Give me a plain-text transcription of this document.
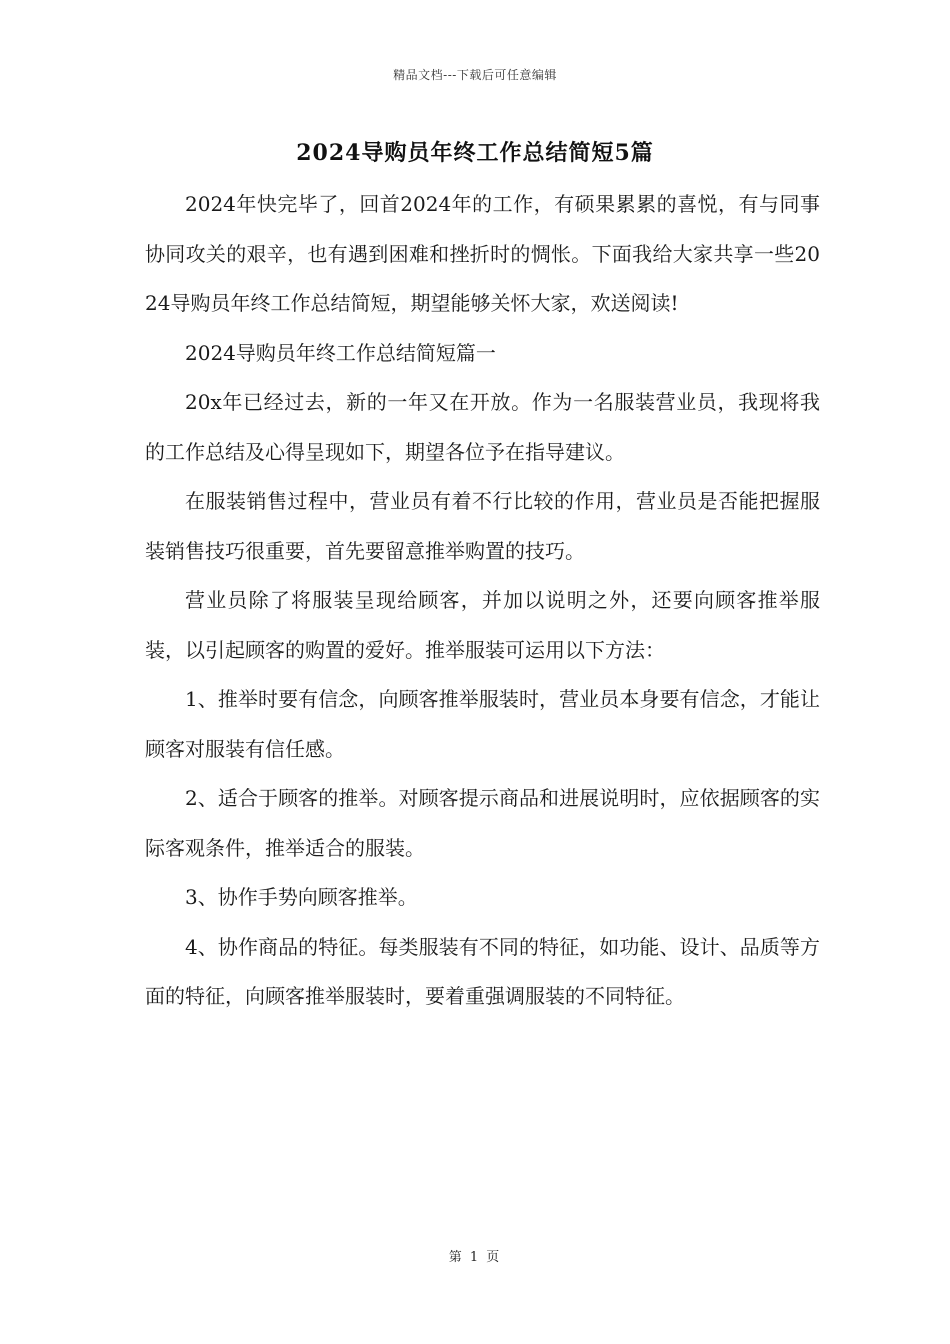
精品文档---下载后可任意编辑
2024导购员年终工作总结简短5篇

2024年快完毕了，回首2024年的工作，有硕果累累的喜悦，有与同事协同攻关的艰辛，也有遇到困难和挫折时的惆怅。下面我给大家共享一些2024导购员年终工作总结简短，期望能够关怀大家，欢送阅读!

2024导购员年终工作总结简短篇一

20x年已经过去，新的一年又在开放。作为一名服装营业员，我现将我的工作总结及心得呈现如下，期望各位予在指导建议。

在服装销售过程中，营业员有着不行比较的作用，营业员是否能把握服装销售技巧很重要，首先要留意推举购置的技巧。

营业员除了将服装呈现给顾客，并加以说明之外，还要向顾客推举服装，以引起顾客的购置的爱好。推举服装可运用以下方法：

1、推举时要有信念，向顾客推举服装时，营业员本身要有信念，才能让顾客对服装有信任感。

2、适合于顾客的推举。对顾客提示商品和进展说明时，应依据顾客的实际客观条件，推举适合的服装。

3、协作手势向顾客推举。

4、协作商品的特征。每类服装有不同的特征，如功能、设计、品质等方面的特征，向顾客推举服装时，要着重强调服装的不同特征。

第 1 页
